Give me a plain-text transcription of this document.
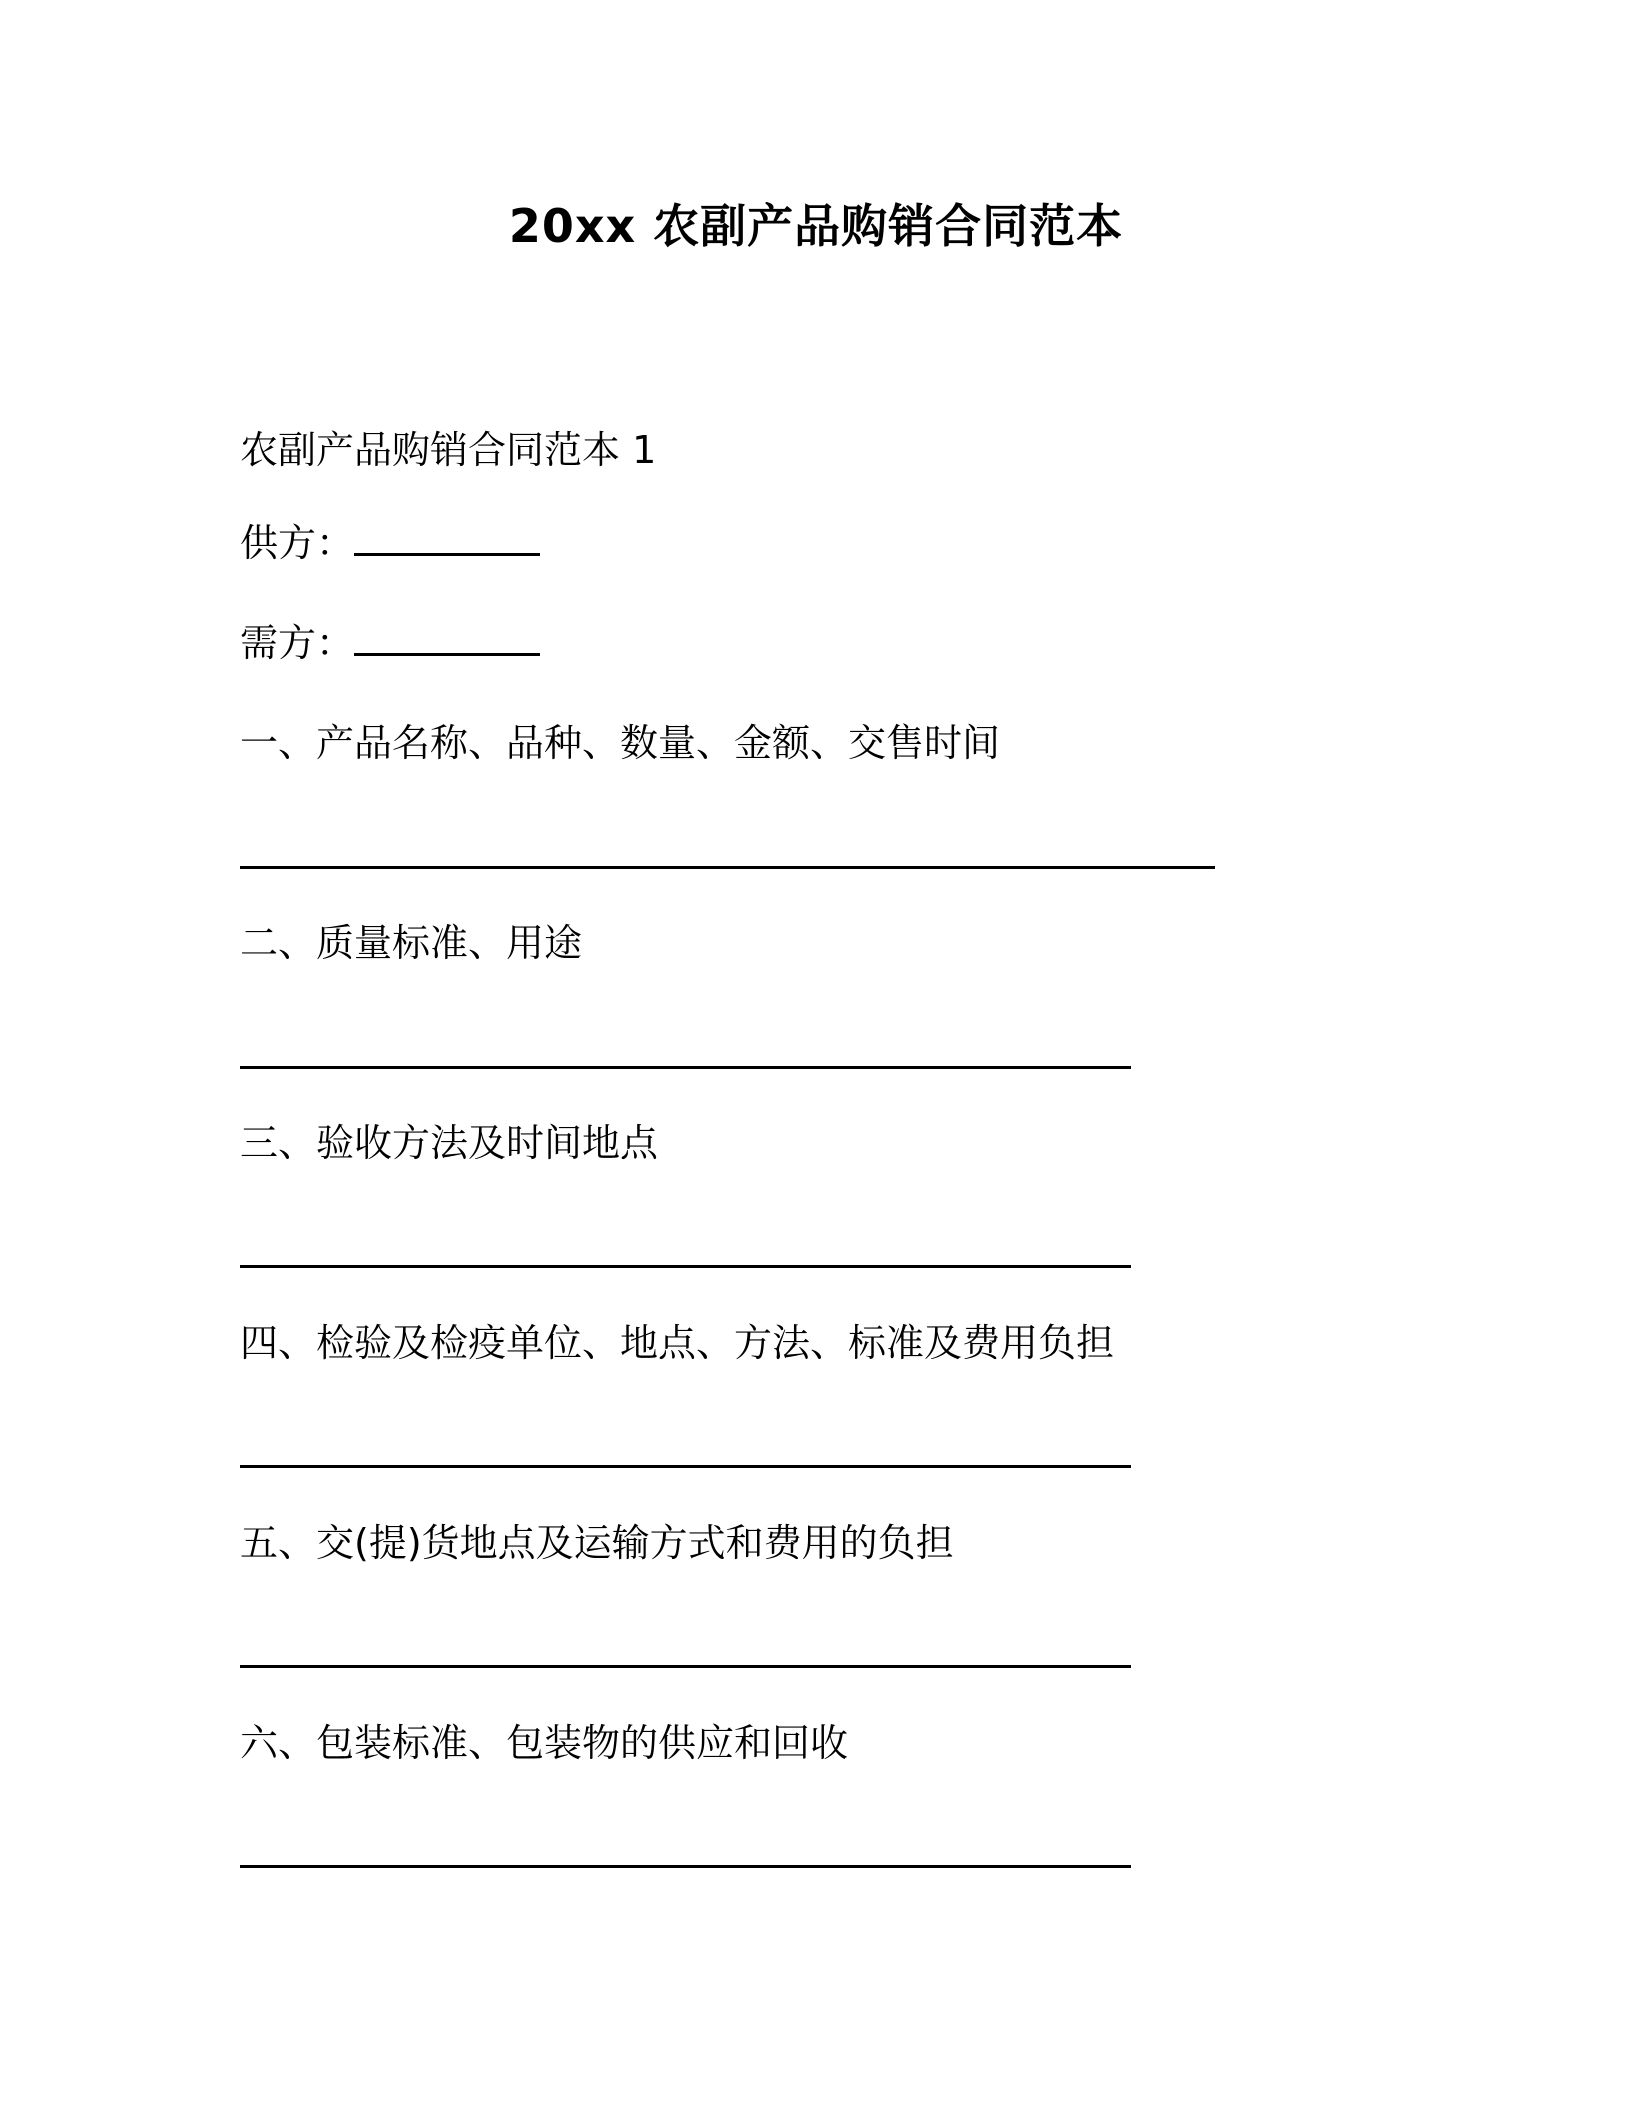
20xx 农副产品购销合同范本

农副产品购销合同范本 1

供方：

需方：

一、产品名称、品种、数量、金额、交售时间

二、质量标准、用途

三、验收方法及时间地点

四、检验及检疫单位、地点、方法、标准及费用负担

五、交(提)货地点及运输方式和费用的负担

六、包装标准、包装物的供应和回收
